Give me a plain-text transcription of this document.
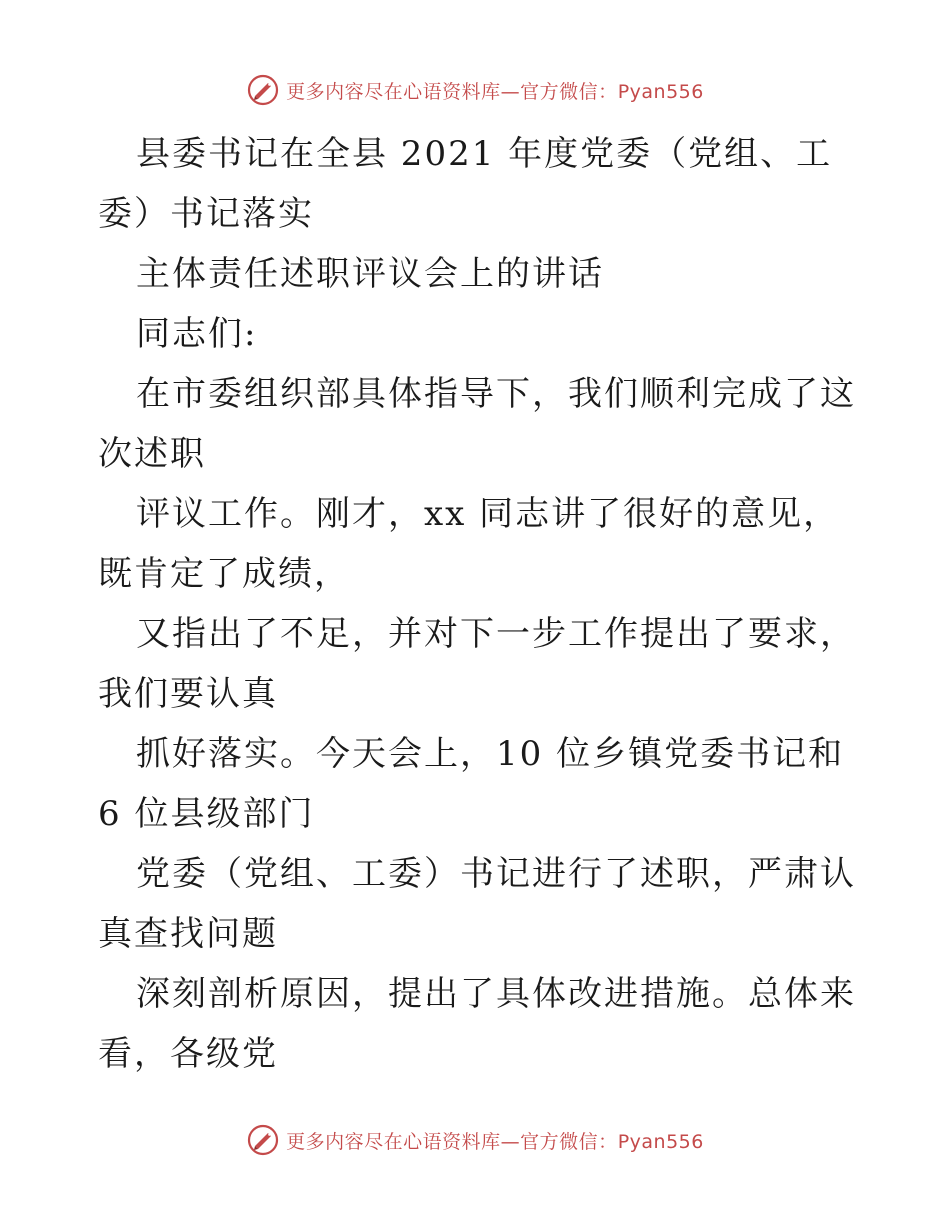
更多内容尽在心语资料库—官方微信：Pyan556

县委书记在全县 2021 年度党委（党组、工委）书记落实

主体责任述职评议会上的讲话

同志们:

在市委组织部具体指导下，我们顺利完成了这次述职

评议工作。刚才，xx 同志讲了很好的意见，既肯定了成绩，

又指出了不足，并对下一步工作提出了要求，我们要认真

抓好落实。今天会上，10 位乡镇党委书记和 6 位县级部门

党委（党组、工委）书记进行了述职，严肃认真查找问题

深刻剖析原因，提出了具体改进措施。总体来看，各级党

更多内容尽在心语资料库—官方微信：Pyan556
